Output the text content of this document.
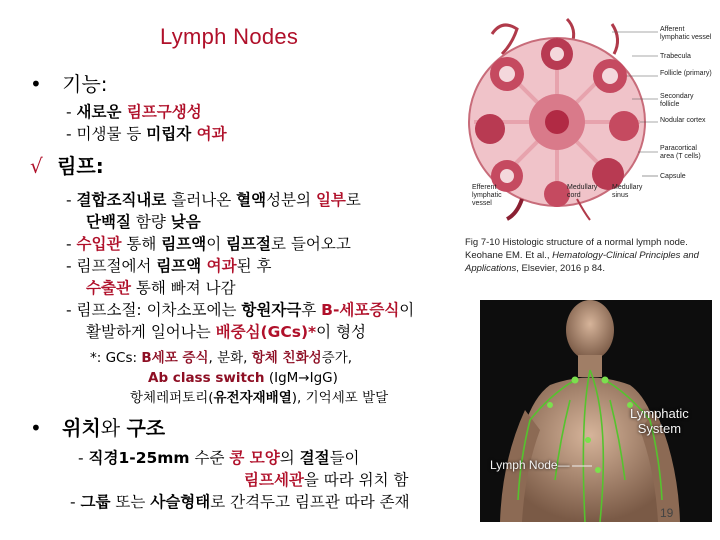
Lymph Nodes
• 기능:
- 새로운 림프구생성
- 미생물 등 미립자 여과
√ 림프:
- 결합조직내로 흘러나온 혈액성분의 일부로
단백질 함량 낮음
- 수입관 통해 림프액이 림프절로 들어오고
- 림프절에서 림프액 여과된 후
수출관 통해 빠져 나감
- 림프소절: 이차소포에는 항원자극후 B-세포증식이
활발하게 일어나는 배중심(GCs)*이 형성
*: GCs: B세포 증식, 분화, 항체 친화성증가,
Ab class switch (IgM→IgG)
항체레퍼토리(유전자재배열), 기억세포 발달
• 위치와 구조
- 직경1-25mm 수준 콩 모양의 결절들이
림프세관을 따라 위치 함
- 그룹 또는 사슬형태로 간격두고 림프관 따라 존재
Afferent lymphatic vessel
Trabecula
Follicle (primary)
Secondary follicle
Nodular cortex
Paracortical area (T cells)
Capsule
Efferent lymphatic vessel
Medullary cord
Medullary sinus
Fig 7-10 Histologic structure of a normal lymph node. Keohane EM. Et al., Hematology-Clinical Principles and Applications, Elsevier, 2016 p 84.
Lymphatic
System
Lymph Node—
19
